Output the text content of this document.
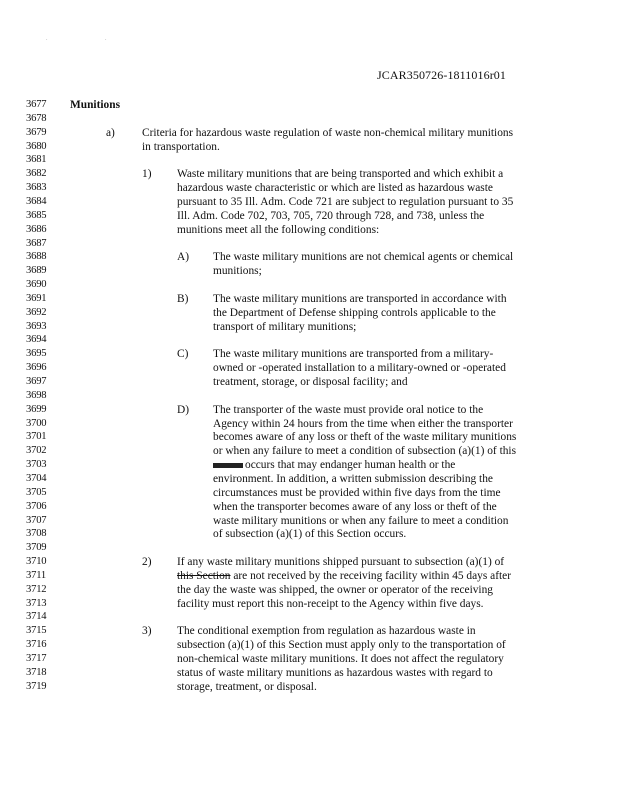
. .
JCAR350726-1811016r01
3677	Munitions
3678
3679	a) Criteria for hazardous waste regulation of waste non-chemical military munitions
3680	in transportation.
3681
3682	1) Waste military munitions that are being transported and which exhibit a
3683	hazardous waste characteristic or which are listed as hazardous waste
3684	pursuant to 35 Ill. Adm. Code 721 are subject to regulation pursuant to 35
3685	Ill. Adm. Code 702, 703, 705, 720 through 728, and 738, unless the
3686	munitions meet all the following conditions:
3687
3688	A) The waste military munitions are not chemical agents or chemical
3689	munitions;
3690
3691	B) The waste military munitions are transported in accordance with
3692	the Department of Defense shipping controls applicable to the
3693	transport of military munitions;
3694
3695	C) The waste military munitions are transported from a military-
3696	owned or -operated installation to a military-owned or -operated
3697	treatment, storage, or disposal facility; and
3698
3699	D) The transporter of the waste must provide oral notice to the
3700	Agency within 24 hours from the time when either the transporter
3701	becomes aware of any loss or theft of the waste military munitions
3702	or when any failure to meet a condition of subsection (a)(1) of this
3703	occurs that may endanger human health or the
3704	environment. In addition, a written submission describing the
3705	circumstances must be provided within five days from the time
3706	when the transporter becomes aware of any loss or theft of the
3707	waste military munitions or when any failure to meet a condition
3708	of subsection (a)(1) of this Section occurs.
3709
3710	2) If any waste military munitions shipped pursuant to subsection (a)(1) of
3711	this Section are not received by the receiving facility within 45 days after
3712	the day the waste was shipped, the owner or operator of the receiving
3713	facility must report this non-receipt to the Agency within five days.
3714
3715	3) The conditional exemption from regulation as hazardous waste in
3716	subsection (a)(1) of this Section must apply only to the transportation of
3717	non-chemical waste military munitions. It does not affect the regulatory
3718	status of waste military munitions as hazardous wastes with regard to
3719	storage, treatment, or disposal.
